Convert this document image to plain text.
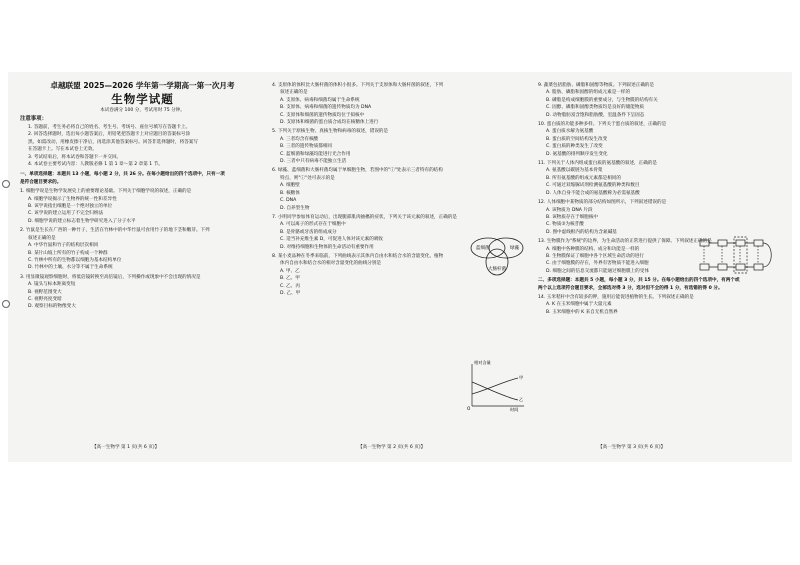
卓越联盟 2025—2026 学年第一学期高一第一次月考
生物学试题
本试卷满分 100 分，考试用时 75 分钟。
注意事项：

1. 答题前，考生务必将自己的姓名、考生号、考场号、座位号填写在答题卡上。

2. 回答选择题时，选出每小题答案后，用铅笔把答题卡上对应题目的答案标号涂

黑。如需改动，用橡皮擦干净后，再选涂其他答案标号。回答非选择题时，将答案写

在答题卡上。写在本试卷上无效。

3. 考试结束后，将本试卷和答题卡一并交回。

4. 本试卷主要考试内容：人教版必修 1 第 1 章～第 2 章第 1 节。

一、单项选择题：本题共 13 小题，每小题 2 分，共 26 分。在每小题给出的四个选项中，只有一项

是符合题目要求的。

1. 细胞学说是生物学发展史上的重要理论基础。下列关于细胞学说的叙述，正确的是

A. 细胞学说揭示了生物界的统一性和差异性

B. 该学说指出细胞是一个绝对独立的单位

C. 该学说的建立运用了不完全归纳法

D. 细胞学说的建立标志着生物学研究进入了分子水平

2. 竹鼠是生长在广西的一种竹子，生活在竹林中的中华竹鼠可食用竹子的地下茎和嫩芽。下列

叙述正确的是

A. 中华竹鼠和竹子的结构层次相同

B. 某片山坡上所有的竹子构成一个种群

C. 竹林中所有的生物都以细胞为基本结构单位

D. 竹林中的土壤、水分等不属于生命系统

3. 用显微镜观察细胞时，将低倍镜转换至高倍镜后，下列操作或现象中不会出现的情况是

A. 镜头与标本距离变短

B. 视野范围变大

C. 视野亮度变暗

D. 观察目标的物像变大

4. 支原体的体积比大肠杆菌的体积小很多。下列关于支原体和大肠杆菌的叙述，下列

叙述正确的是

A. 支原体、病毒和细菌均属于生命系统

B. 支原体、病毒和细菌的遗传物质均为 DNA

C. 支原体和细菌的遗传物质均位于拟核中

D. 支原体和细菌的蛋白质合成均在核糖体上进行

5. 下列关于原核生物、真核生物和病毒的叙述，错误的是

A. 三者均含有核酸

B. 三者的遗传物质都相同

C. 蓝细菌和绿藻均能进行光合作用

D. 三者中只有病毒不能独立生活

6. 绿藻、蓝细菌和大肠杆菌均属于单细胞生物，若图中的"ⓘ"处表示三者特有的结构

特点，则"ⓘ"处可表示的是

A. 细胞壁

B. 核糖体

C. DNA

D. 自养型生物

7. 小明同学参加体育运动后，出现腿部肌肉抽搐的症状，下列关于该元素的叙述，正确的是

A. 可以离子的形式存在于细胞中

B. 是骨骼或牙齿的组成成分

C. 适当补充维生素 D，可促进人体对该元素的吸收

D. 对维持细胞和生物体的生命活动有重要作用

8. 某小麦品种在冬季来临前，下列曲线表示其体内自由水和结合水的含量变化，植物

体内自由水和结合水的相对含量变化的曲线分别是

A. 甲、乙

B. 乙、甲

C. 乙、丙

D. 乙、甲

蓝细菌	绿藻
大肠杆菌
相对含量
甲
乙
O	时间

9. 蔬菜包括脂肪、磷脂和固醇等物质。下列叙述正确的是

A. 脂肪、磷脂和固醇的组成元素是一样的

B. 磷脂是构成细胞膜的重要成分，与生物膜的结构有关

C. 固醇、磷脂和固醇类物质均是良好的储能物质

D. 动物脂肪富含饱和脂肪酸，室温条件下呈固态

10. 蛋白质的功能多种多样。下列关于蛋白质的叙述，正确的是

A. 蛋白质水解为氨基酸

B. 蛋白质的空间结构发生改变

C. 蛋白质的种类发生了改变

D. 氨基酸的排列顺序发生变化

11. 下列关于人体内组成蛋白质的氨基酸的叙述，正确的是

A. 氨基酸以碳链为基本骨架

B. 所有氨基酸的组成元素都是相同的

C. 可通过双缩脲试剂检测氨基酸的种类和数目

D. 人体自身不能合成的氨基酸称为必需氨基酸

12. 人体细胞中某物质的部分结构如图所示，下列叙述错误的是

A. 该物质为 DNA 片段

B. 该物质存在于细胞核中

C. 物质③为核苷酸

D. 图中虚线框内的结构为含氮碱基

13. 生物膜作为"系统"的边界，为生命活动的正常进行提供了保障。下列叙述正确的是

A. 细胞中各种膜的结构、成分和功能是一样的

B. 生物膜保证了细胞中各个区域生命活动的进行

C. 由于细胞膜的存在，外界有害物质不能进入细胞

D. 细胞之间的信息交流都只能通过细胞膜上的受体

二、多项选择题：本题共 5 小题，每小题 3 分，共 15 分。在每小题给出的四个选项中，有两个或

两个以上选项符合题目要求，全部选对得 3 分，选对但不全的得 1 分，有选错的得 0 分。

14. 玉米秸秆中含有较多的钾，施用后能促进植物的生长。下列叙述正确的是

A. K 在玉米细胞中属于大量元素

B. 玉米细胞中的 K 来自无机自然界

【高一生物学 第 1 页(共 6 页)】	【高一生物学 第 2 页(共 6 页)】	【高一生物学 第 3 页(共 6 页)】
